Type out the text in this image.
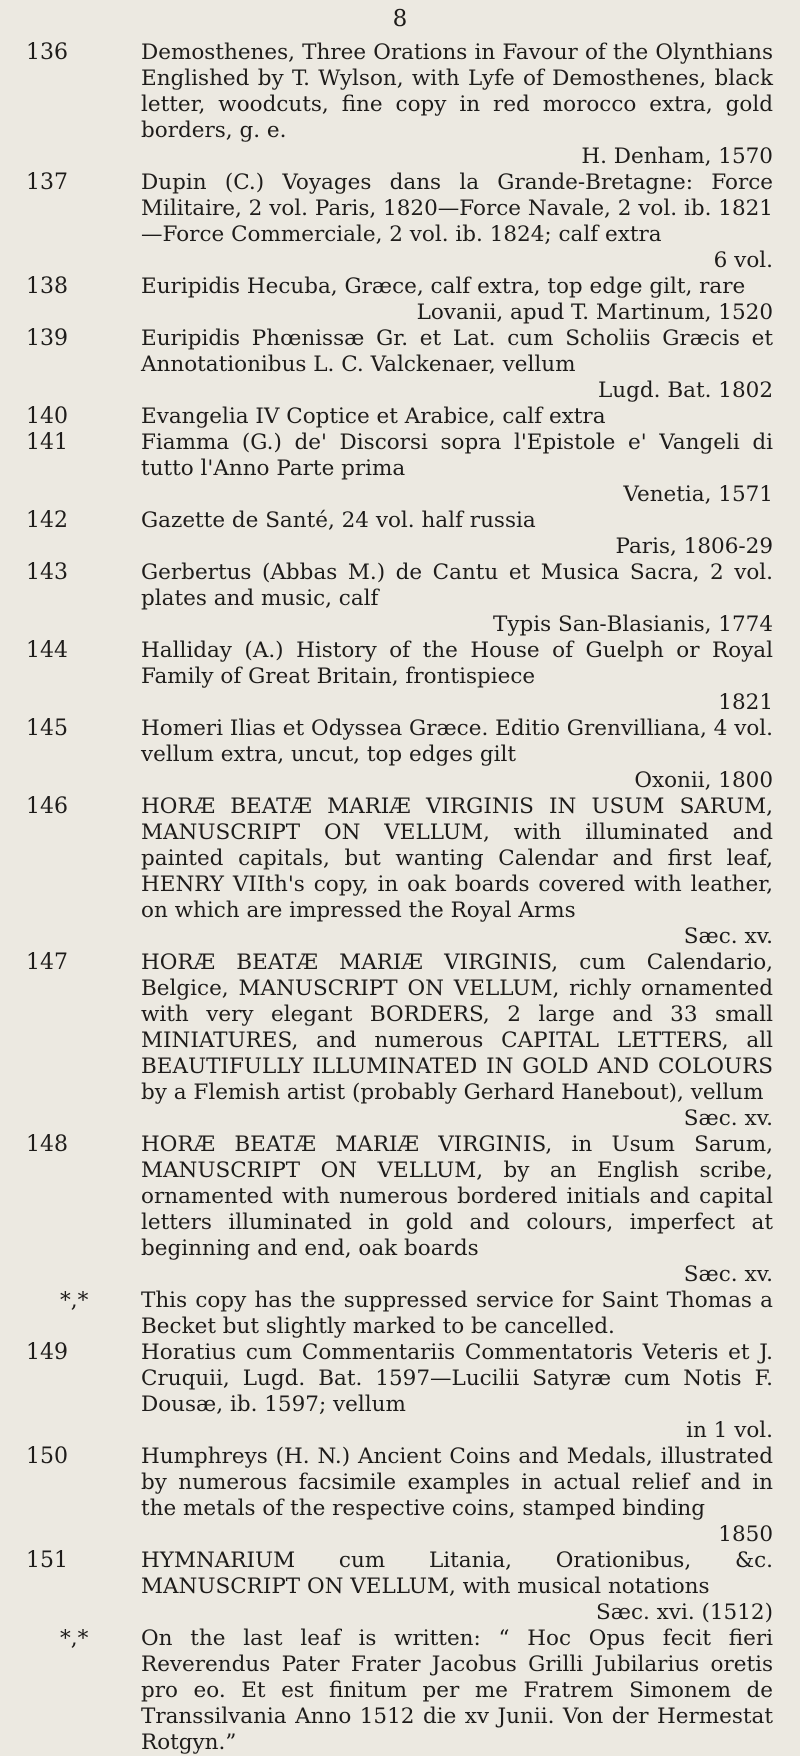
8
136	Demosthenes, Three Orations in Favour of the Olynthians Englished by T. Wylson, with Lyfe of Demosthenes, black letter, woodcuts, fine copy in red morocco extra, gold borders, g. e.
H. Denham, 1570
137	Dupin (C.) Voyages dans la Grande-Bretagne: Force Militaire, 2 vol. Paris, 1820—Force Navale, 2 vol. ib. 1821—Force Commerciale, 2 vol. ib. 1824; calf extra
6 vol.
138	Euripidis Hecuba, Græce, calf extra, top edge gilt, rare
Lovanii, apud T. Martinum, 1520
139	Euripidis Phœnissæ Gr. et Lat. cum Scholiis Græcis et Annotationibus L. C. Valckenaer, vellum
Lugd. Bat. 1802
140	Evangelia IV Coptice et Arabice, calf extra
141	Fiamma (G.) de' Discorsi sopra l'Epistole e' Vangeli di tutto l'Anno Parte prima
Venetia, 1571
142	Gazette de Santé, 24 vol. half russia
Paris, 1806-29
143	Gerbertus (Abbas M.) de Cantu et Musica Sacra, 2 vol. plates and music, calf
Typis San-Blasianis, 1774
144	Halliday (A.) History of the House of Guelph or Royal Family of Great Britain, frontispiece
1821
145	Homeri Ilias et Odyssea Græce. Editio Grenvilliana, 4 vol. vellum extra, uncut, top edges gilt
Oxonii, 1800
146	HORÆ BEATÆ MARIÆ VIRGINIS IN USUM SARUM, MANUSCRIPT ON VELLUM, with illuminated and painted capitals, but wanting Calendar and first leaf, HENRY VIIth's copy, in oak boards covered with leather, on which are impressed the Royal Arms
Sæc. xv.
147	HORÆ BEATÆ MARIÆ VIRGINIS, cum Calendario, Belgice, MANUSCRIPT ON VELLUM, richly ornamented with very elegant BORDERS, 2 large and 33 small MINIATURES, and numerous CAPITAL LETTERS, all BEAUTIFULLY ILLUMINATED IN GOLD AND COLOURS by a Flemish artist (probably Gerhard Hanebout), vellum
Sæc. xv.
148	HORÆ BEATÆ MARIÆ VIRGINIS, in Usum Sarum, MANUSCRIPT ON VELLUM, by an English scribe, ornamented with numerous bordered initials and capital letters illuminated in gold and colours, imperfect at beginning and end, oak boards
Sæc. xv.
*,* This copy has the suppressed service for Saint Thomas a Becket but slightly marked to be cancelled.
149	Horatius cum Commentariis Commentatoris Veteris et J. Cruquii, Lugd. Bat. 1597—Lucilii Satyræ cum Notis F. Dousæ, ib. 1597; vellum
in 1 vol.
150	Humphreys (H. N.) Ancient Coins and Medals, illustrated by numerous facsimile examples in actual relief and in the metals of the respective coins, stamped binding
1850
151	HYMNARIUM cum Litania, Orationibus, &c. MANUSCRIPT ON VELLUM, with musical notations
Sæc. xvi. (1512)
*,* On the last leaf is written: “ Hoc Opus fecit fieri Reverendus Pater Frater Jacobus Grilli Jubilarius oretis pro eo. Et est finitum per me Fratrem Simonem de Transsilvania Anno 1512 die xv Junii. Von der Hermestat Rotgyn.”
